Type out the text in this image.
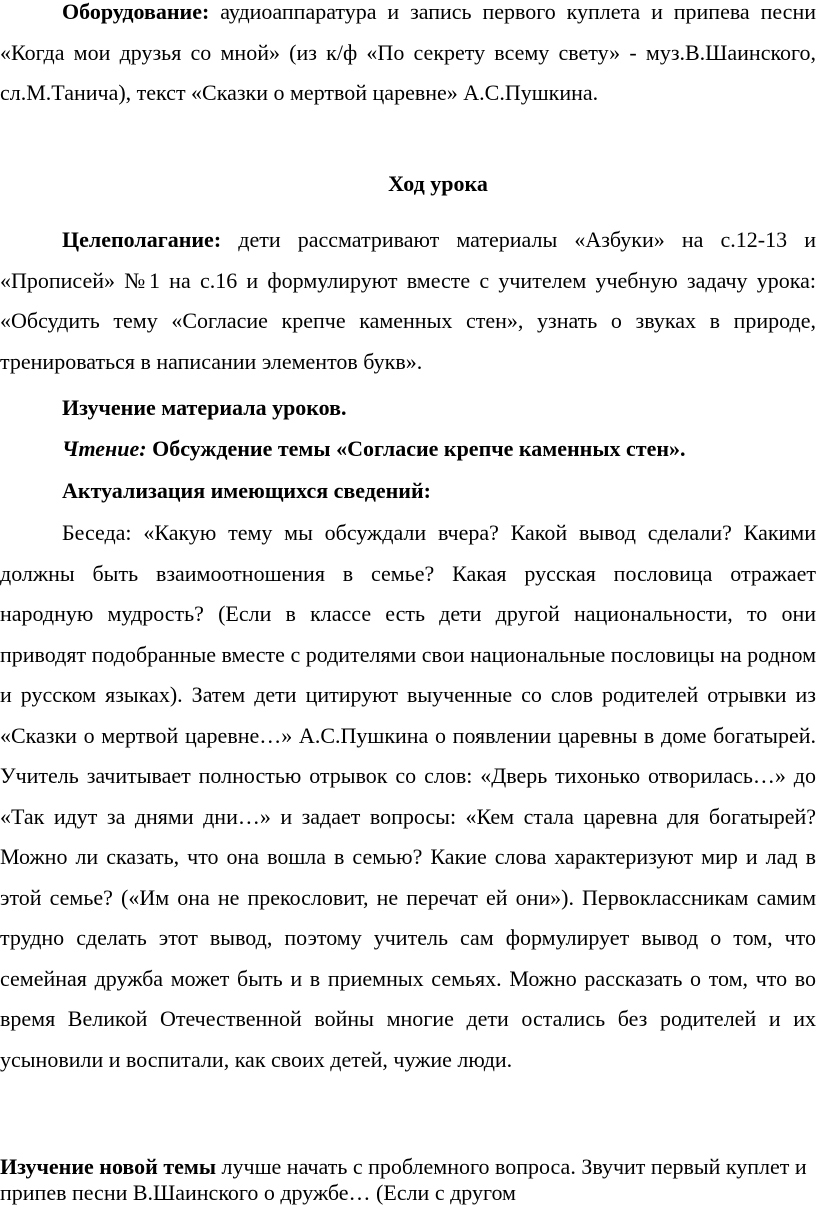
Оборудование: аудиоаппаратура и запись первого куплета и припева песни «Когда мои друзья со мной» (из к/ф «По секрету всему свету» - муз.В.Шаинского, сл.М.Танича), текст «Сказки о мертвой царевне» А.С.Пушкина.

Ход урока

Целеполагание: дети рассматривают материалы «Азбуки» на с.12-13 и «Прописей» №1 на с.16 и формулируют вместе с учителем учебную задачу урока: «Обсудить тему «Согласие крепче каменных стен», узнать о звуках в природе, тренироваться в написании элементов букв».

Изучение материала уроков.

Чтение: Обсуждение темы «Согласие крепче каменных стен».

Актуализация имеющихся сведений:

Беседа: «Какую тему мы обсуждали вчера? Какой вывод сделали? Какими должны быть взаимоотношения в семье? Какая русская пословица отражает народную мудрость? (Если в классе есть дети другой национальности, то они приводят подобранные вместе с родителями свои национальные пословицы на родном и русском языках). Затем дети цитируют выученные со слов родителей отрывки из «Сказки о мертвой царевне…» А.С.Пушкина о появлении царевны в доме богатырей. Учитель зачитывает полностью отрывок со слов: «Дверь тихонько отворилась…» до «Так идут за днями дни…» и задает вопросы: «Кем стала царевна для богатырей? Можно ли сказать, что она вошла в семью? Какие слова характеризуют мир и лад в этой семье? («Им она не прекословит, не перечат ей они»). Первоклассникам самим трудно сделать этот вывод, поэтому учитель сам формулирует вывод о том, что семейная дружба может быть и в приемных семьях. Можно рассказать о том, что во время Великой Отечественной войны многие дети остались без родителей и их усыновили и воспитали, как своих детей, чужие люди.

Изучение новой темы лучше начать с проблемного вопроса. Звучит первый куплет и припев песни В.Шаинского о дружбе… (Если с другом
